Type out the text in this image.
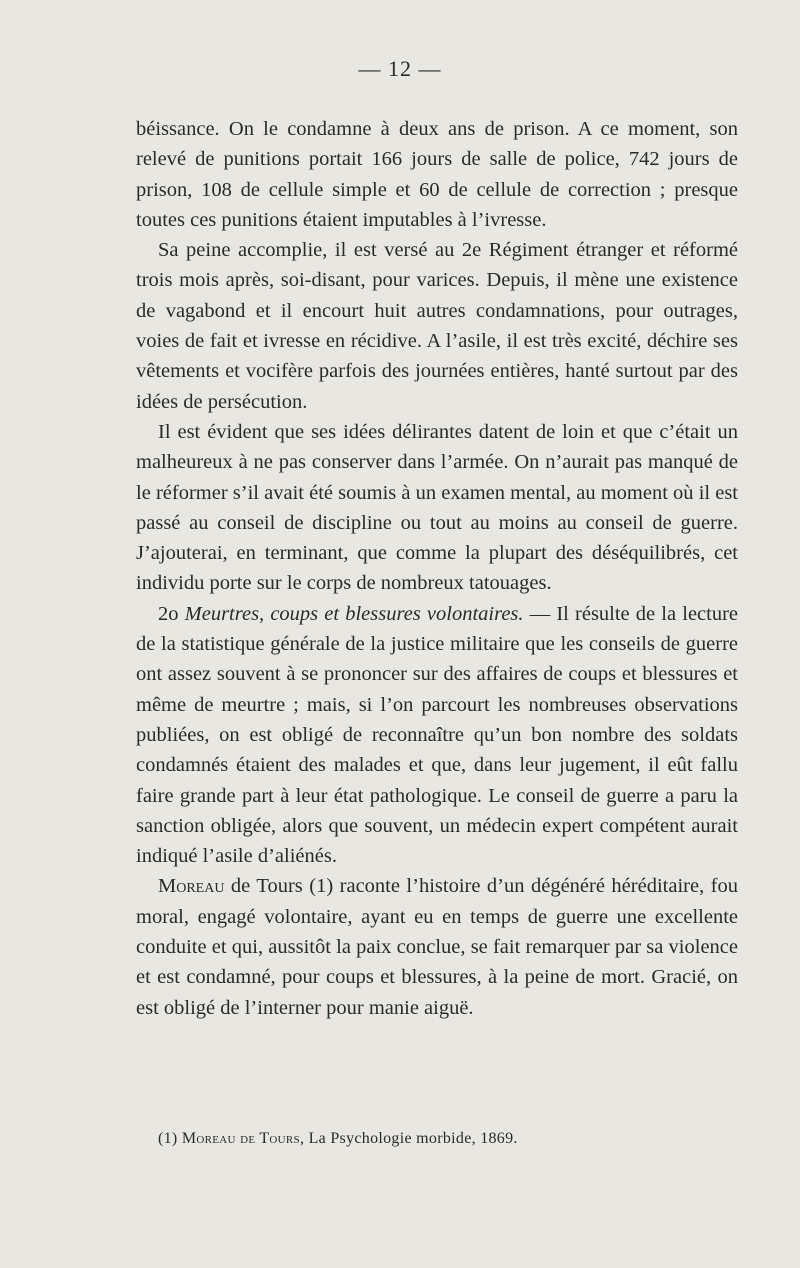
— 12 —

béissance. On le condamne à deux ans de prison. A ce moment, son relevé de punitions portait 166 jours de salle de police, 742 jours de prison, 108 de cellule simple et 60 de cellule de correction ; presque toutes ces punitions étaient imputables à l’ivresse.

Sa peine accomplie, il est versé au 2e Régiment étranger et réformé trois mois après, soi-disant, pour varices. Depuis, il mène une existence de vagabond et il encourt huit autres condamnations, pour outrages, voies de fait et ivresse en récidive. A l’asile, il est très excité, déchire ses vêtements et vocifère parfois des journées entières, hanté surtout par des idées de persécution.

Il est évident que ses idées délirantes datent de loin et que c’était un malheureux à ne pas conserver dans l’armée. On n’aurait pas manqué de le réformer s’il avait été soumis à un examen mental, au moment où il est passé au conseil de discipline ou tout au moins au conseil de guerre. J’ajouterai, en terminant, que comme la plupart des déséquilibrés, cet individu porte sur le corps de nombreux tatouages.

2o Meurtres, coups et blessures volontaires. — Il résulte de la lecture de la statistique générale de la justice militaire que les conseils de guerre ont assez souvent à se prononcer sur des affaires de coups et blessures et même de meurtre ; mais, si l’on parcourt les nombreuses observations publiées, on est obligé de reconnaître qu’un bon nombre des soldats condamnés étaient des malades et que, dans leur jugement, il eût fallu faire grande part à leur état pathologique. Le conseil de guerre a paru la sanction obligée, alors que souvent, un médecin expert compétent aurait indiqué l’asile d’aliénés.

Moreau de Tours (1) raconte l’histoire d’un dégénéré héréditaire, fou moral, engagé volontaire, ayant eu en temps de guerre une excellente conduite et qui, aussitôt la paix conclue, se fait remarquer par sa violence et est condamné, pour coups et blessures, à la peine de mort. Gracié, on est obligé de l’interner pour manie aiguë.

(1) Moreau de Tours, La Psychologie morbide, 1869.
